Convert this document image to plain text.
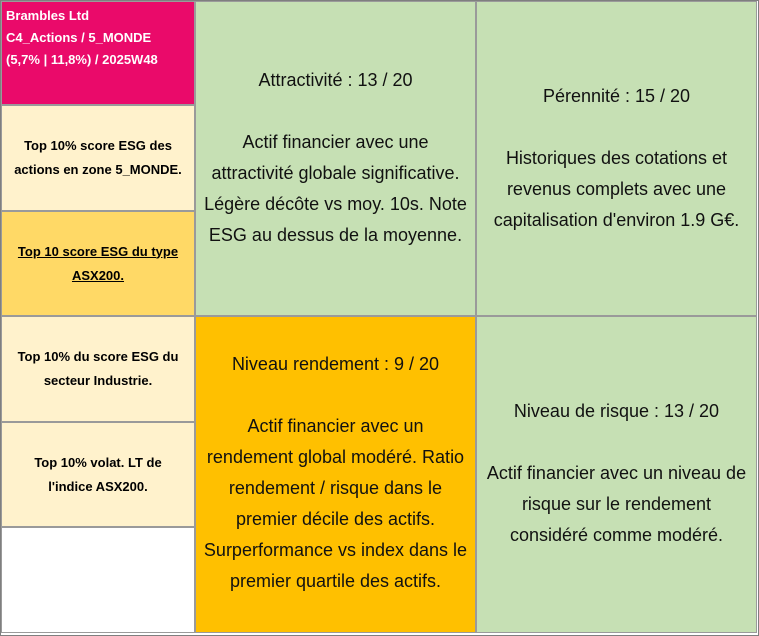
Brambles Ltd
C4_Actions / 5_MONDE
(5,7% | 11,8%) / 2025W48
Top 10% score ESG des
actions en zone 5_MONDE.
Top 10 score ESG du type
ASX200.
Top 10% du score ESG du
secteur Industrie.
Top 10% volat. LT de
l'indice ASX200.
Attractivité : 13 / 20
Actif financier avec une
attractivité globale significative.
Légère décôte vs moy. 10s. Note
ESG au dessus de la moyenne.
Pérennité : 15 / 20
Historiques des cotations et
revenus complets avec une
capitalisation d'environ 1.9 G€.
Niveau rendement : 9 / 20
Actif financier avec un
rendement global modéré. Ratio
rendement / risque dans le
premier décile des actifs.
Surperformance vs index dans le
premier quartile des actifs.
Niveau de risque : 13 / 20
Actif financier avec un niveau de
risque sur le rendement
considéré comme modéré.
